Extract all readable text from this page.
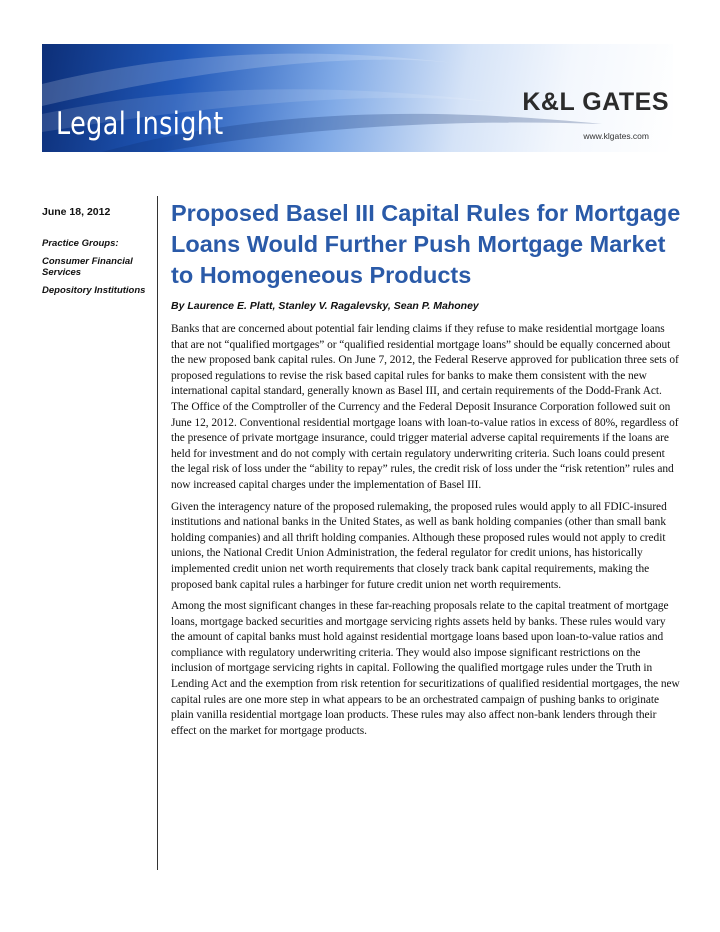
Legal Insight
K&L GATES
www.klgates.com

June 18, 2012

Practice Groups:

Consumer Financial Services

Depository Institutions

Proposed Basel III Capital Rules for Mortgage Loans Would Further Push Mortgage Market to Homogeneous Products

By Laurence E. Platt, Stanley V. Ragalevsky, Sean P. Mahoney

Banks that are concerned about potential fair lending claims if they refuse to make residential mortgage loans that are not “qualified mortgages” or “qualified residential mortgage loans” should be equally concerned about the new proposed bank capital rules. On June 7, 2012, the Federal Reserve approved for publication three sets of proposed regulations to revise the risk based capital rules for banks to make them consistent with the new international capital standard, generally known as Basel III, and certain requirements of the Dodd-Frank Act. The Office of the Comptroller of the Currency and the Federal Deposit Insurance Corporation followed suit on June 12, 2012. Conventional residential mortgage loans with loan-to-value ratios in excess of 80%, regardless of the presence of private mortgage insurance, could trigger material adverse capital requirements if the loans are held for investment and do not comply with certain regulatory underwriting criteria. Such loans could present the legal risk of loss under the “ability to repay” rules, the credit risk of loss under the “risk retention” rules and now increased capital charges under the implementation of Basel III.

Given the interagency nature of the proposed rulemaking, the proposed rules would apply to all FDIC-insured institutions and national banks in the United States, as well as bank holding companies (other than small bank holding companies) and all thrift holding companies. Although these proposed rules would not apply to credit unions, the National Credit Union Administration, the federal regulator for credit unions, has historically implemented credit union net worth requirements that closely track bank capital requirements, making the proposed bank capital rules a harbinger for future credit union net worth requirements.

Among the most significant changes in these far-reaching proposals relate to the capital treatment of mortgage loans, mortgage backed securities and mortgage servicing rights assets held by banks. These rules would vary the amount of capital banks must hold against residential mortgage loans based upon loan-to-value ratios and compliance with regulatory underwriting criteria. They would also impose significant restrictions on the inclusion of mortgage servicing rights in capital. Following the qualified mortgage rules under the Truth in Lending Act and the exemption from risk retention for securitizations of qualified residential mortgages, the new capital rules are one more step in what appears to be an orchestrated campaign of pushing banks to originate plain vanilla residential mortgage loan products. These rules may also affect non-bank lenders through their effect on the market for mortgage products.
